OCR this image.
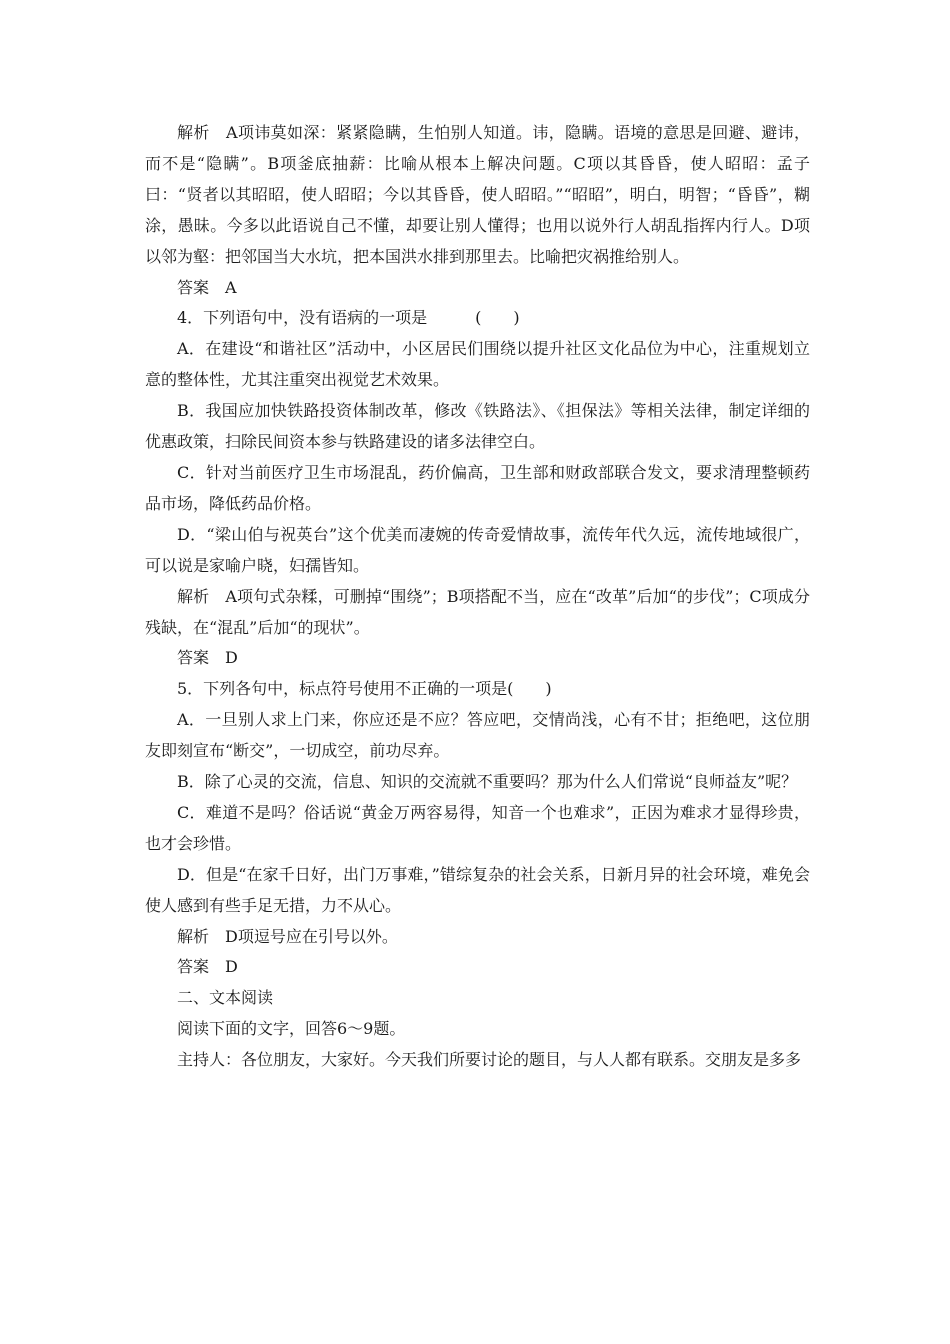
解析　A项讳莫如深：紧紧隐瞒，生怕别人知道。讳，隐瞒。语境的意思是回避、避讳，而不是“隐瞒”。B项釜底抽薪：比喻从根本上解决问题。C项以其昏昏，使人昭昭：孟子曰：“贤者以其昭昭，使人昭昭；今以其昏昏，使人昭昭。”“昭昭”，明白，明智；“昏昏”，糊涂，愚昧。今多以此语说自己不懂，却要让别人懂得；也用以说外行人胡乱指挥内行人。D项以邻为壑：把邻国当大水坑，把本国洪水排到那里去。比喻把灾祸推给别人。

答案　A

4．下列语句中，没有语病的一项是　　　(　　)

A．在建设“和谐社区”活动中，小区居民们围绕以提升社区文化品位为中心，注重规划立意的整体性，尤其注重突出视觉艺术效果。

B．我国应加快铁路投资体制改革，修改《铁路法》、《担保法》等相关法律，制定详细的优惠政策，扫除民间资本参与铁路建设的诸多法律空白。

C．针对当前医疗卫生市场混乱，药价偏高，卫生部和财政部联合发文，要求清理整顿药品市场，降低药品价格。

D．“梁山伯与祝英台”这个优美而凄婉的传奇爱情故事，流传年代久远，流传地域很广，可以说是家喻户晓，妇孺皆知。

解析　A项句式杂糅，可删掉“围绕”；B项搭配不当，应在“改革”后加“的步伐”；C项成分残缺，在“混乱”后加“的现状”。

答案　D

5．下列各句中，标点符号使用不正确的一项是(　　)

A．一旦别人求上门来，你应还是不应？答应吧，交情尚浅，心有不甘；拒绝吧，这位朋友即刻宣布“断交”，一切成空，前功尽弃。

B．除了心灵的交流，信息、知识的交流就不重要吗？那为什么人们常说“良师益友”呢？

C．难道不是吗？俗话说“黄金万两容易得，知音一个也难求”，正因为难求才显得珍贵，也才会珍惜。

D．但是“在家千日好，出门万事难，”错综复杂的社会关系，日新月异的社会环境，难免会使人感到有些手足无措，力不从心。

解析　D项逗号应在引号以外。

答案　D

二、文本阅读

阅读下面的文字，回答6～9题。

主持人：各位朋友，大家好。今天我们所要讨论的题目，与人人都有联系。交朋友是多多
